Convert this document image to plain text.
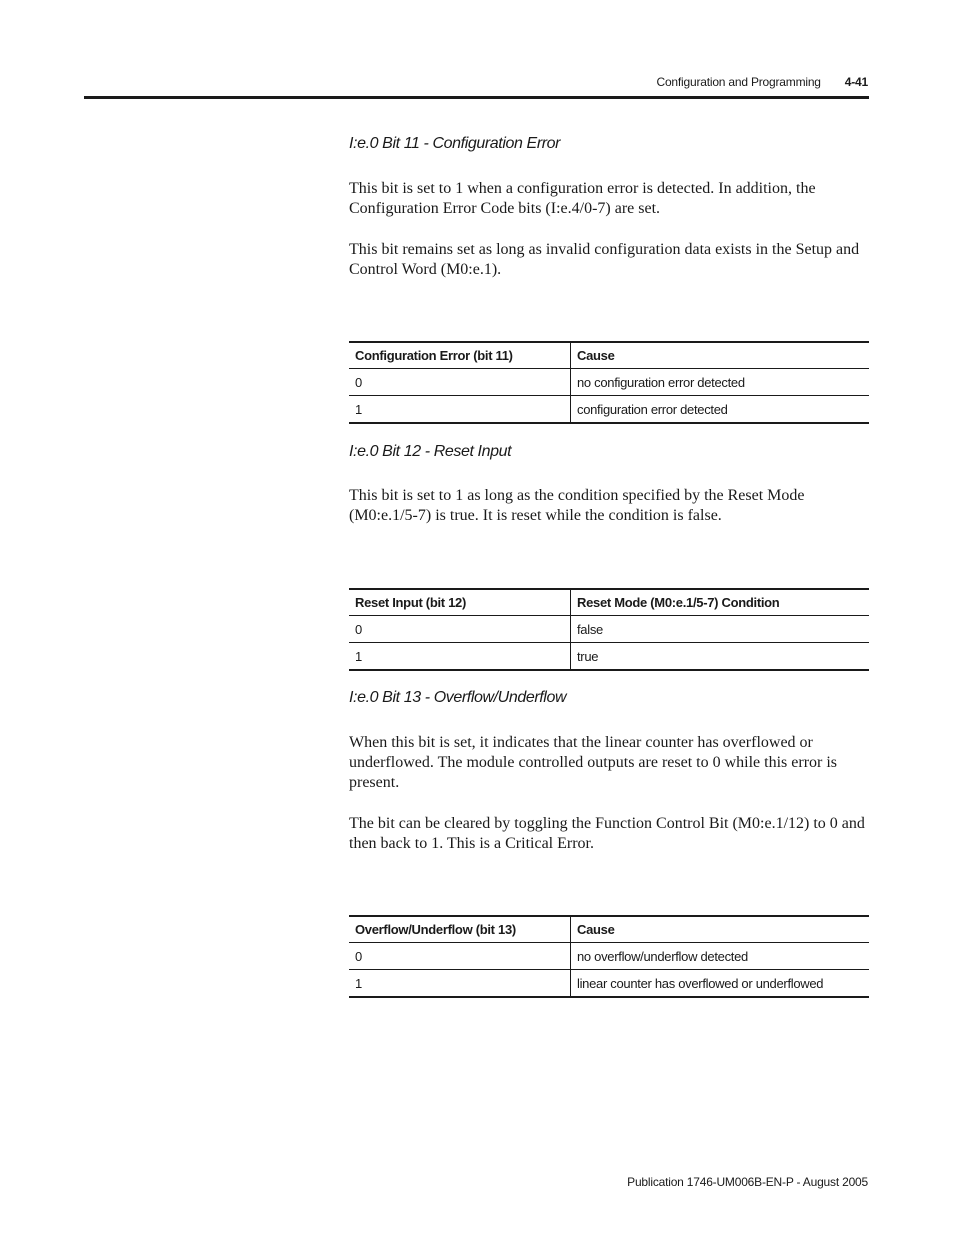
Configuration and Programming 4-41
I:e.0 Bit 11 - Configuration Error

This bit is set to 1 when a configuration error is detected. In addition, the Configuration Error Code bits (I:e.4/0-7) are set.

This bit remains set as long as invalid configuration data exists in the Setup and Control Word (M0:e.1).

Configuration Error (bit 11)	Cause
0	no configuration error detected
1	configuration error detected
I:e.0 Bit 12 - Reset Input

This bit is set to 1 as long as the condition specified by the Reset Mode (M0:e.1/5-7) is true. It is reset while the condition is false.

Reset Input (bit 12)	Reset Mode (M0:e.1/5-7) Condition
0	false
1	true
I:e.0 Bit 13 - Overflow/Underflow

When this bit is set, it indicates that the linear counter has overflowed or underflowed. The module controlled outputs are reset to 0 while this error is present.

The bit can be cleared by toggling the Function Control Bit (M0:e.1/12) to 0 and then back to 1. This is a Critical Error.

Overflow/Underflow (bit 13)	Cause
0	no overflow/underflow detected
1	linear counter has overflowed or underflowed
Publication 1746-UM006B-EN-P - August 2005
